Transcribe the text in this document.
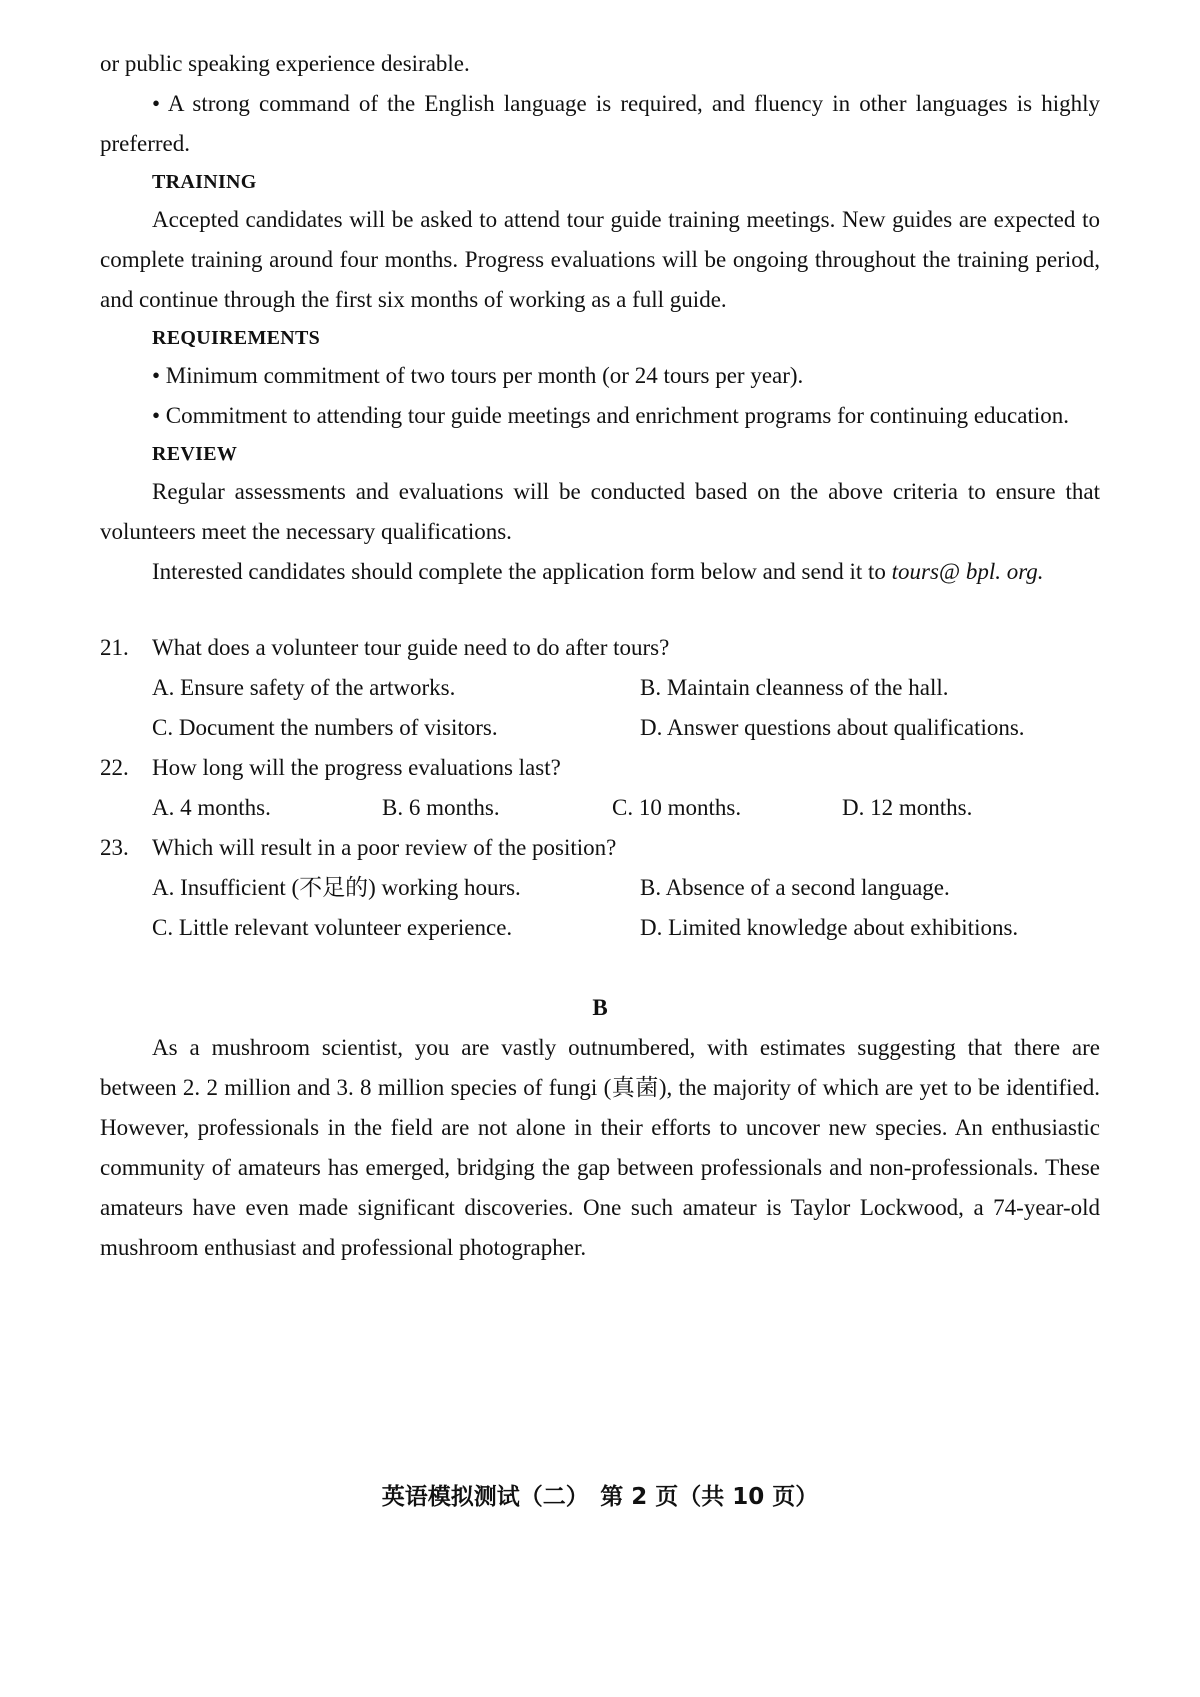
or public speaking experience desirable.

• A strong command of the English language is required, and fluency in other languages is highly preferred.

TRAINING

Accepted candidates will be asked to attend tour guide training meetings. New guides are expected to complete training around four months. Progress evaluations will be ongoing throughout the training period, and continue through the first six months of working as a full guide.

REQUIREMENTS

• Minimum commitment of two tours per month (or 24 tours per year).

• Commitment to attending tour guide meetings and enrichment programs for continuing education.

REVIEW

Regular assessments and evaluations will be conducted based on the above criteria to ensure that volunteers meet the necessary qualifications.

Interested candidates should complete the application form below and send it to tours@ bpl. org.

21.	What does a volunteer tour guide need to do after tours?
A. Ensure safety of the artworks.	B. Maintain cleanness of the hall.
C. Document the numbers of visitors.	D. Answer questions about qualifications.
22.	How long will the progress evaluations last?
A. 4 months.	B. 6 months.	C. 10 months.	D. 12 months.
23.	Which will result in a poor review of the position?
A. Insufficient (不足的) working hours.	B. Absence of a second language.
C. Little relevant volunteer experience.	D. Limited knowledge about exhibitions.
B

As a mushroom scientist, you are vastly outnumbered, with estimates suggesting that there are between 2. 2 million and 3. 8 million species of fungi (真菌), the majority of which are yet to be identified. However, professionals in the field are not alone in their efforts to uncover new species. An enthusiastic community of amateurs has emerged, bridging the gap between professionals and non-professionals. These amateurs have even made significant discoveries. One such amateur is Taylor Lockwood, a 74-year-old mushroom enthusiast and professional photographer.

英语模拟测试（二）　第 2 页（共 10 页）
